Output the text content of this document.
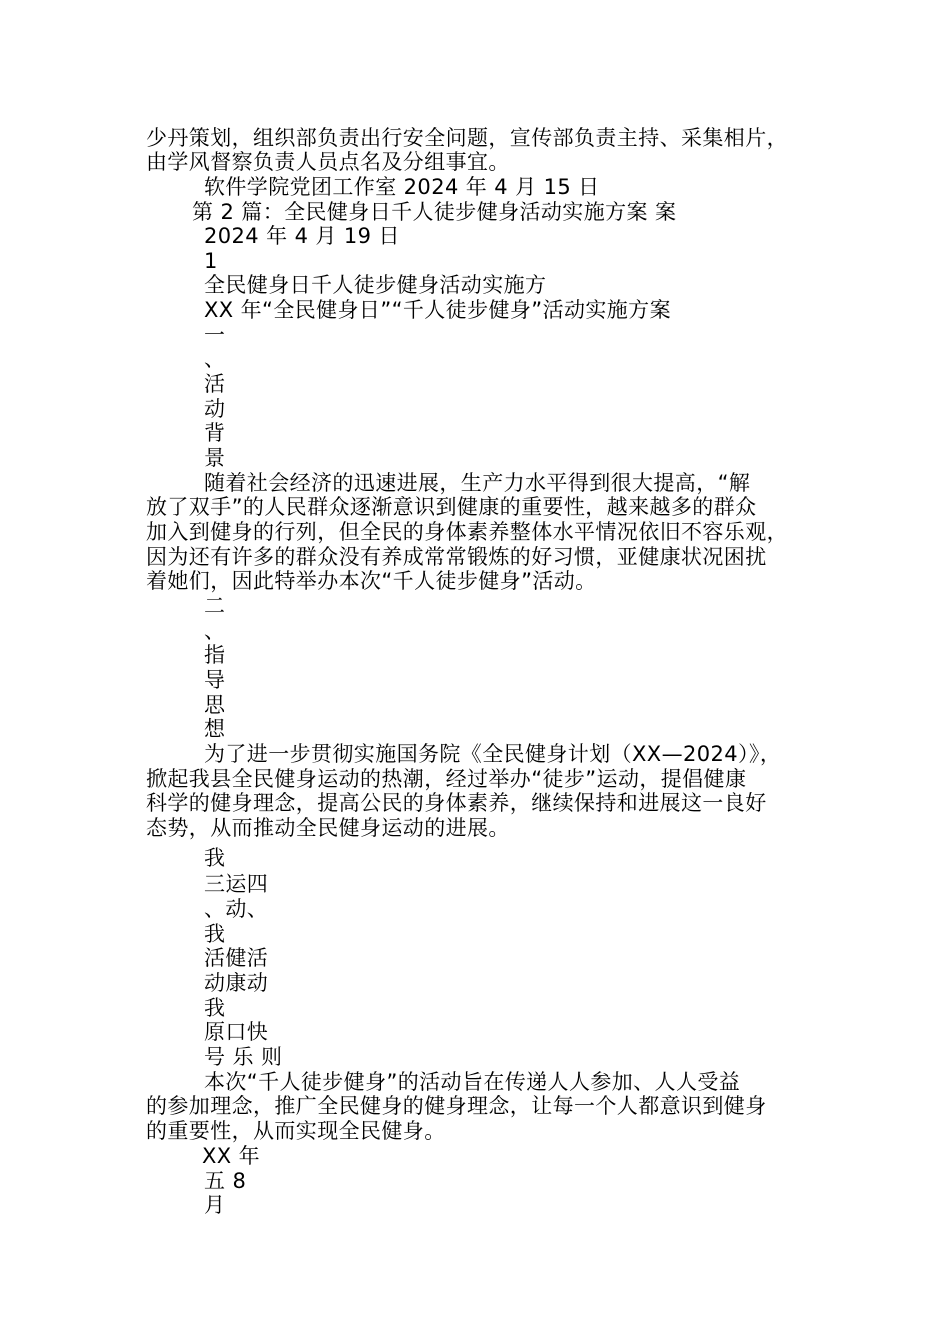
少丹策划，组织部负责出行安全问题，宣传部负责主持、采集相片，
由学风督察负责人员点名及分组事宜。
软件学院党团工作室 2024 年 4 月 15 日
第 2 篇：全民健身日千人徒步健身活动实施方案 案
2024 年 4 月 19 日
1
全民健身日千人徒步健身活动实施方
XX 年“全民健身日”“千人徒步健身”活动实施方案
一
、
活
动
背
景
随着社会经济的迅速进展，生产力水平得到很大提高，“解
放了双手”的人民群众逐渐意识到健康的重要性，越来越多的群众
加入到健身的行列，但全民的身体素养整体水平情况依旧不容乐观，
因为还有许多的群众没有养成常常锻炼的好习惯，亚健康状况困扰
着她们，因此特举办本次“千人徒步健身”活动。
二
、
指
导
思
想
为了进一步贯彻实施国务院《全民健身计划（XX—2024）》，
掀起我县全民健身运动的热潮，经过举办“徒步”运动，提倡健康
科学的健身理念，提高公民的身体素养，继续保持和进展这一良好
态势，从而推动全民健身运动的进展。
我
三运四
、动、
我
活健活
动康动
我
原口快
号 乐 则
本次“千人徒步健身”的活动旨在传递人人参加、人人受益
的参加理念，推广全民健身的健身理念，让每一个人都意识到健身
的重要性，从而实现全民健身。
XX 年
五 8
月
